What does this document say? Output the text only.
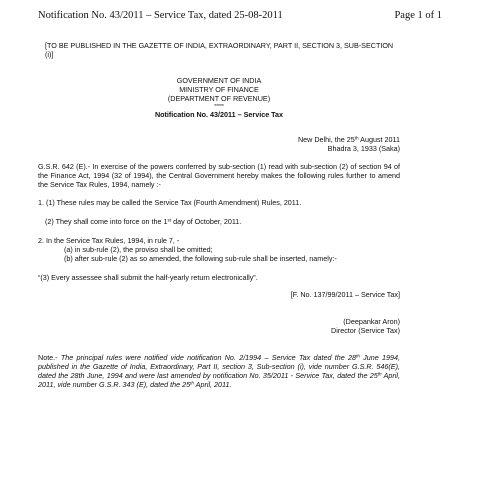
Notification No. 43/2011 – Service Tax, dated 25-08-2011	Page 1 of 1

[TO BE PUBLISHED IN THE GAZETTE OF INDIA, EXTRAORDINARY, PART II, SECTION 3, SUB-SECTION (i)]

GOVERNMENT OF INDIA

MINISTRY OF FINANCE

(DEPARTMENT OF REVENUE)

*****

Notification No. 43/2011 – Service Tax

New Delhi, the 25th August 2011

Bhadra 3, 1933 (Saka)

G.S.R. 642 (E).- In exercise of the powers conferred by sub-section (1) read with sub-section (2) of section 94 of the Finance Act, 1994 (32 of 1994), the Central Government hereby makes the following rules further to amend the Service Tax Rules, 1994, namely :-

1. (1) These rules may be called the Service Tax (Fourth Amendment) Rules, 2011.

(2) They shall come into force on the 1st day of October, 2011.

2. In the Service Tax Rules, 1994, in rule 7, -

(a) in sub-rule (2), the proviso shall be omitted;

(b) after sub-rule (2) as so amended, the following sub-rule shall be inserted, namely:-

“(3) Every assessee shall submit the half-yearly return electronically”.

[F. No. 137/99/2011 – Service Tax]

(Deepankar Aron)

Director (Service Tax)

Note.- The principal rules were notified vide notification No. 2/1994 – Service Tax dated the 28th June 1994, published in the Gazette of India, Extraordinary, Part II, section 3, Sub-section (i), vide number G.S.R. 546(E), dated the 28th June, 1994 and were last amended by notification No. 35/2011 - Service Tax, dated the 25th April, 2011, vide number G.S.R. 343 (E), dated the 25th April, 2011.
